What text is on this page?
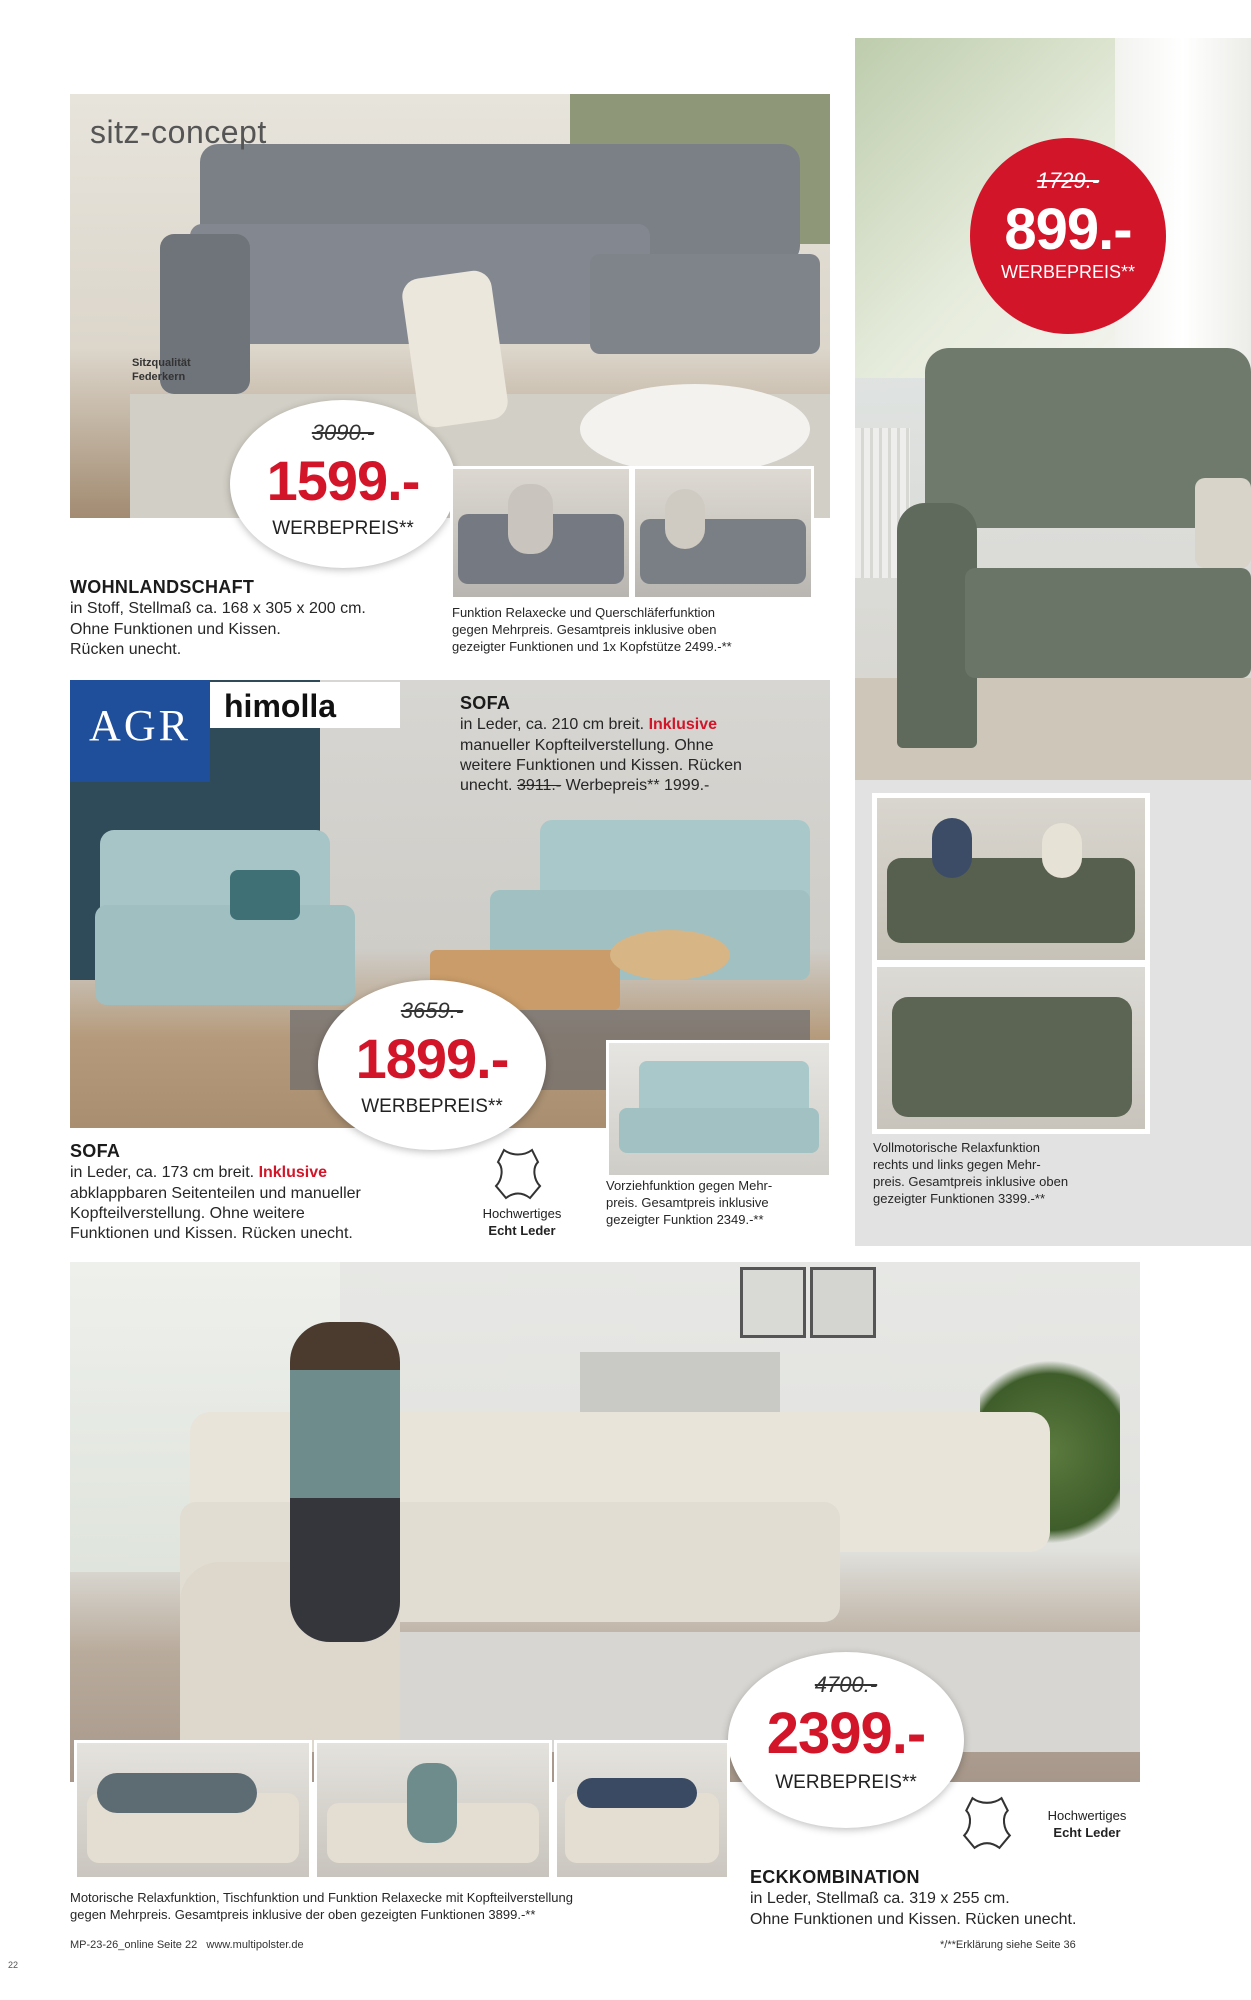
1729.-
899.-
WERBEPREIS**
Vollmotorische Relaxfunktion
rechts und links gegen Mehr-
preis. Gesamtpreis inklusive oben
gezeigter Funktionen 3399.-**
sitz-concept
Sitzqualität Federkern
3090.-
1599.-
WERBEPREIS**
WOHNLANDSCHAFT
in Stoff, Stellmaß ca. 168 x 305 x 200 cm.
Ohne Funktionen und Kissen.
Rücken unecht.
Funktion Relaxecke und Querschläferfunktion
gegen Mehrpreis. Gesamtpreis inklusive oben
gezeigter Funktionen und 1x Kopfstütze 2499.-**
AGR	himolla	SOFA
in Leder, ca. 210 cm breit. Inklusive
manueller Kopfteilverstellung. Ohne
weitere Funktionen und Kissen. Rücken
unecht. 3911.- Werbepreis** 1999.-
3659.-
1899.-
WERBEPREIS**
SOFA
in Leder, ca. 173 cm breit. Inklusive
abklappbaren Seitenteilen und manueller
Kopfteilverstellung. Ohne weitere
Funktionen und Kissen. Rücken unecht.
Hochwertiges
Echt Leder
Vorziehfunktion gegen Mehr-
preis. Gesamtpreis inklusive
gezeigter Funktion 2349.-**
4700.-
2399.-
WERBEPREIS**
Hochwertiges
Echt Leder
ECKKOMBINATION
in Leder, Stellmaß ca. 319 x 255 cm.
Ohne Funktionen und Kissen. Rücken unecht.
Motorische Relaxfunktion, Tischfunktion und Funktion Relaxecke mit Kopfteilverstellung
gegen Mehrpreis. Gesamtpreis inklusive der oben gezeigten Funktionen 3899.-**
MP-23-26_online Seite 22 www.multipolster.de	*/**Erklärung siehe Seite 36
22
